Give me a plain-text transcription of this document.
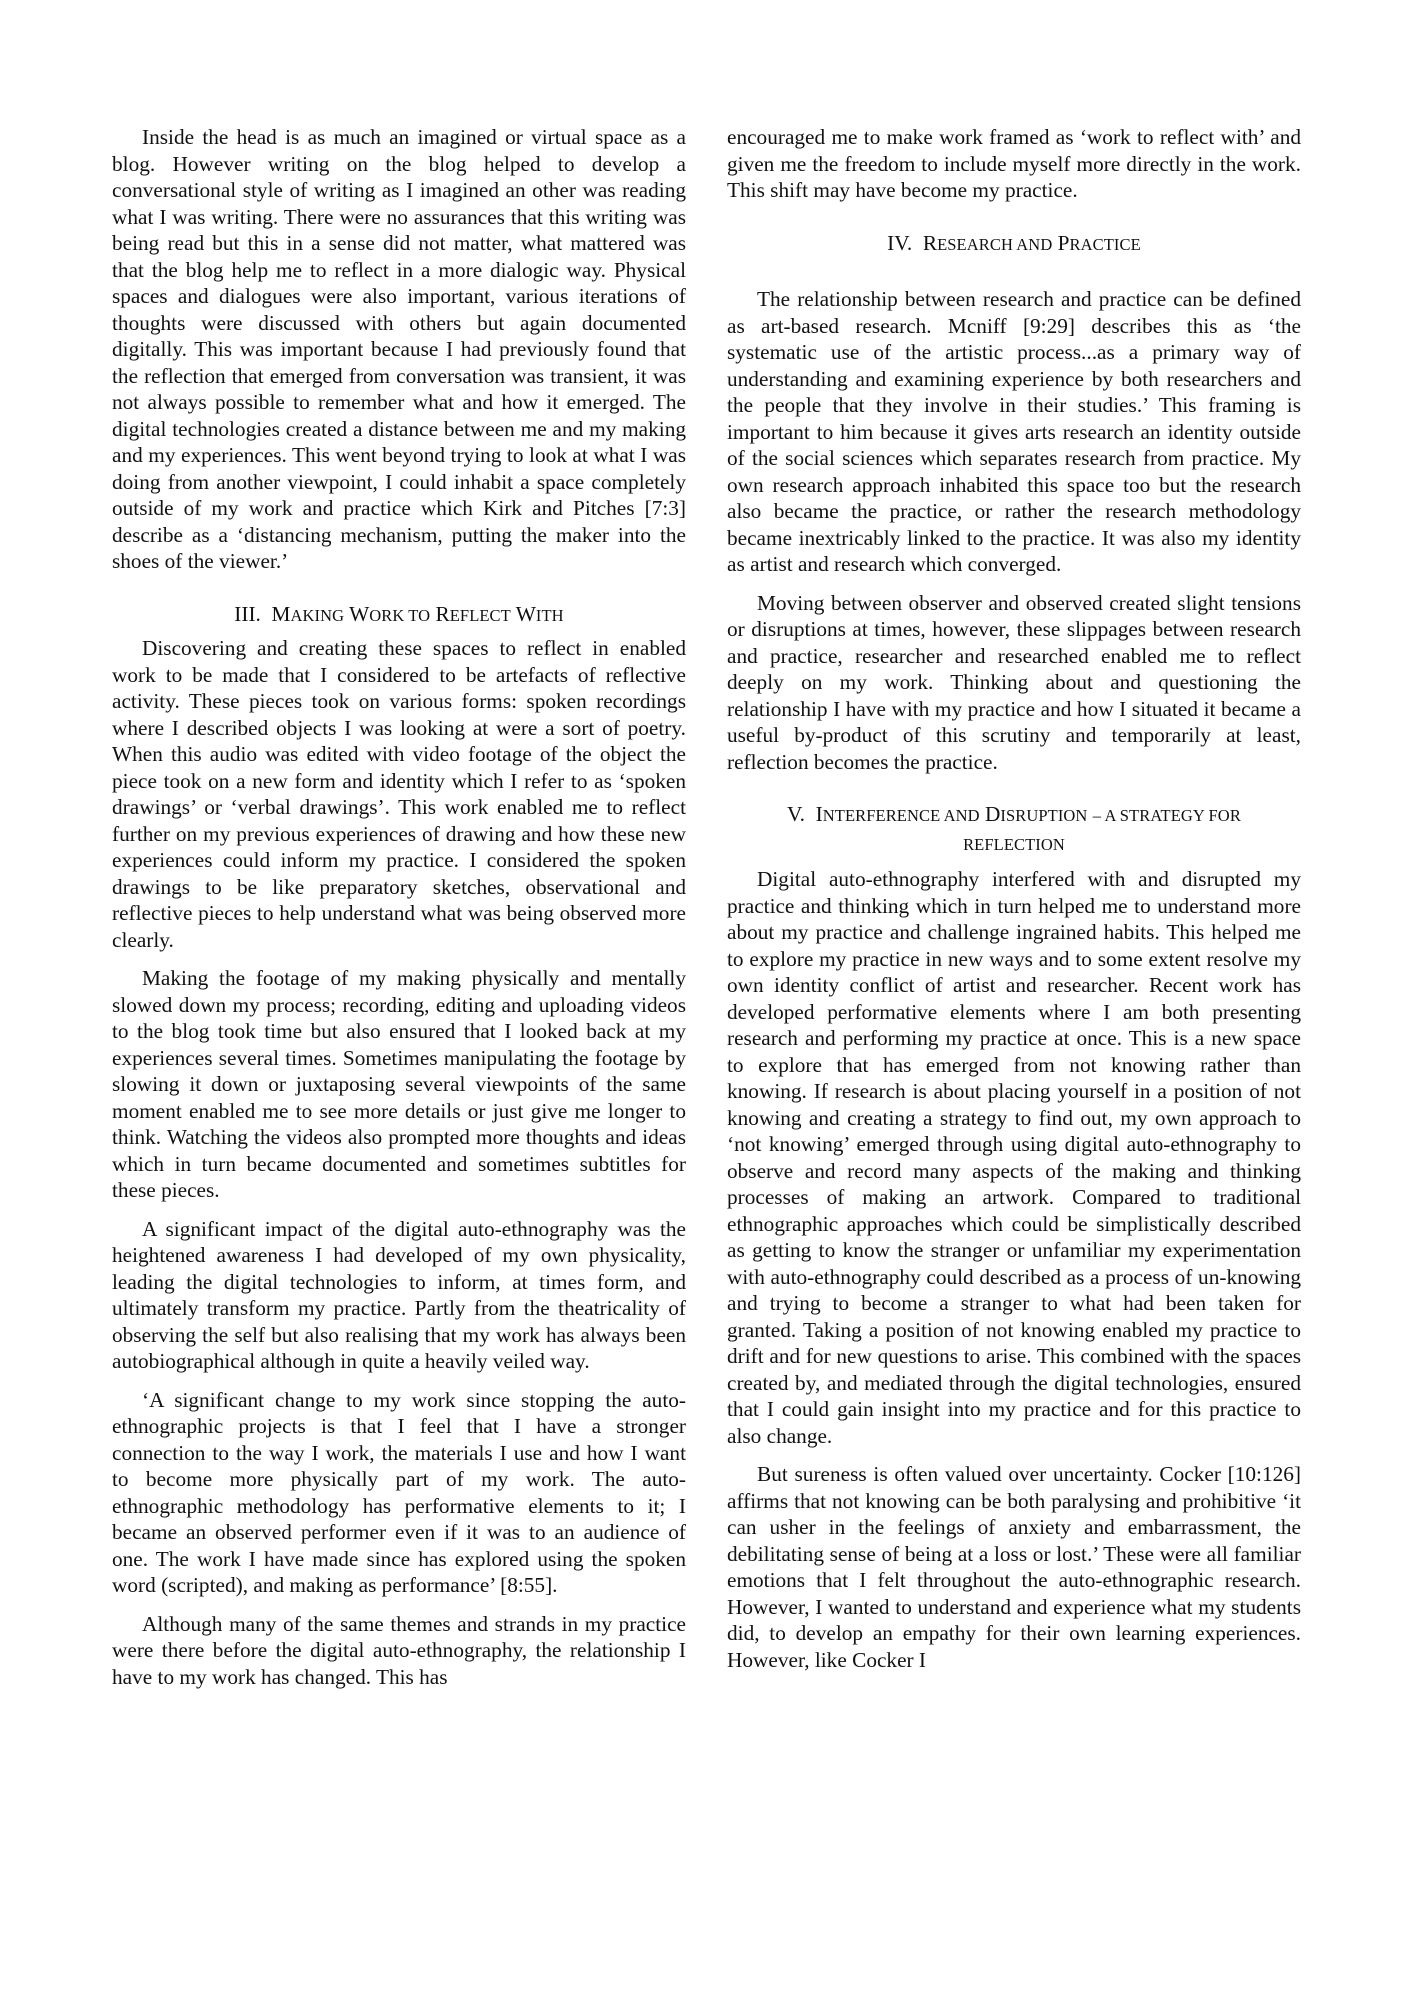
Inside the head is as much an imagined or virtual space as a blog. However writing on the blog helped to develop a conversational style of writing as I imagined an other was reading what I was writing. There were no assurances that this writing was being read but this in a sense did not matter, what mattered was that the blog help me to reflect in a more dialogic way. Physical spaces and dialogues were also important, various iterations of thoughts were discussed with others but again documented digitally. This was important because I had previously found that the reflection that emerged from conversation was transient, it was not always possible to remember what and how it emerged. The digital technologies created a distance between me and my making and my experiences. This went beyond trying to look at what I was doing from another viewpoint, I could inhabit a space completely outside of my work and practice which Kirk and Pitches [7:3] describe as a ‘distancing mechanism, putting the maker into the shoes of the viewer.’

III. MAKING WORK TO REFLECT WITH

Discovering and creating these spaces to reflect in enabled work to be made that I considered to be artefacts of reflective activity. These pieces took on various forms: spoken recordings where I described objects I was looking at were a sort of poetry. When this audio was edited with video footage of the object the piece took on a new form and identity which I refer to as ‘spoken drawings’ or ‘verbal drawings’. This work enabled me to reflect further on my previous experiences of drawing and how these new experiences could inform my practice. I considered the spoken drawings to be like preparatory sketches, observational and reflective pieces to help understand what was being observed more clearly.

Making the footage of my making physically and mentally slowed down my process; recording, editing and uploading videos to the blog took time but also ensured that I looked back at my experiences several times. Sometimes manipulating the footage by slowing it down or juxtaposing several viewpoints of the same moment enabled me to see more details or just give me longer to think. Watching the videos also prompted more thoughts and ideas which in turn became documented and sometimes subtitles for these pieces.

A significant impact of the digital auto-ethnography was the heightened awareness I had developed of my own physicality, leading the digital technologies to inform, at times form, and ultimately transform my practice. Partly from the theatricality of observing the self but also realising that my work has always been autobiographical although in quite a heavily veiled way.

‘A significant change to my work since stopping the auto-ethnographic projects is that I feel that I have a stronger connection to the way I work, the materials I use and how I want to become more physically part of my work. The auto-ethnographic methodology has performative elements to it; I became an observed performer even if it was to an audience of one. The work I have made since has explored using the spoken word (scripted), and making as performance’ [8:55].

Although many of the same themes and strands in my practice were there before the digital auto-ethnography, the relationship I have to my work has changed. This has

encouraged me to make work framed as ‘work to reflect with’ and given me the freedom to include myself more directly in the work. This shift may have become my practice.

IV. RESEARCH AND PRACTICE

The relationship between research and practice can be defined as art-based research. Mcniff [9:29] describes this as ‘the systematic use of the artistic process...as a primary way of understanding and examining experience by both researchers and the people that they involve in their studies.’ This framing is important to him because it gives arts research an identity outside of the social sciences which separates research from practice. My own research approach inhabited this space too but the research also became the practice, or rather the research methodology became inextricably linked to the practice. It was also my identity as artist and research which converged.

Moving between observer and observed created slight tensions or disruptions at times, however, these slippages between research and practice, researcher and researched enabled me to reflect deeply on my work. Thinking about and questioning the relationship I have with my practice and how I situated it became a useful by-product of this scrutiny and temporarily at least, reflection becomes the practice.

V. INTERFERENCE AND DISRUPTION – A STRATEGY FOR
REFLECTION

Digital auto-ethnography interfered with and disrupted my practice and thinking which in turn helped me to understand more about my practice and challenge ingrained habits. This helped me to explore my practice in new ways and to some extent resolve my own identity conflict of artist and researcher. Recent work has developed performative elements where I am both presenting research and performing my practice at once. This is a new space to explore that has emerged from not knowing rather than knowing. If research is about placing yourself in a position of not knowing and creating a strategy to find out, my own approach to ‘not knowing’ emerged through using digital auto-ethnography to observe and record many aspects of the making and thinking processes of making an artwork. Compared to traditional ethnographic approaches which could be simplistically described as getting to know the stranger or unfamiliar my experimentation with auto-ethnography could described as a process of un-knowing and trying to become a stranger to what had been taken for granted. Taking a position of not knowing enabled my practice to drift and for new questions to arise. This combined with the spaces created by, and mediated through the digital technologies, ensured that I could gain insight into my practice and for this practice to also change.

But sureness is often valued over uncertainty. Cocker [10:126] affirms that not knowing can be both paralysing and prohibitive ‘it can usher in the feelings of anxiety and embarrassment, the debilitating sense of being at a loss or lost.’ These were all familiar emotions that I felt throughout the auto-ethnographic research. However, I wanted to understand and experience what my students did, to develop an empathy for their own learning experiences. However, like Cocker I
